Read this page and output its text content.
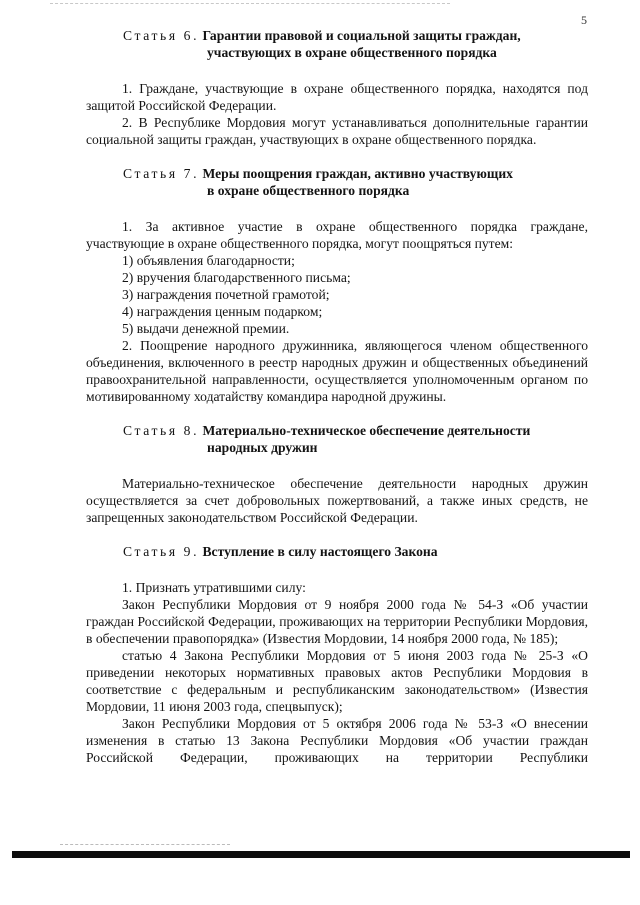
5
Статья 6. Гарантии правовой и социальной защиты граждан,
участвующих в охране общественного порядка

1. Граждане, участвующие в охране общественного порядка, находятся под защитой Российской Федерации.

2. В Республике Мордовия могут устанавливаться дополнительные гарантии социальной защиты граждан, участвующих в охране общественного порядка.

Статья 7. Меры поощрения граждан, активно участвующих
в охране общественного порядка

1. За активное участие в охране общественного порядка граждане, участвующие в охране общественного порядка, могут поощряться путем:

1) объявления благодарности;

2) вручения благодарственного письма;

3) награждения почетной грамотой;

4) награждения ценным подарком;

5) выдачи денежной премии.

2. Поощрение народного дружинника, являющегося членом общественного объединения, включенного в реестр народных дружин и общественных объединений правоохранительной направленности, осуществляется уполномоченным органом по мотивированному ходатайству командира народной дружины.

Статья 8. Материально-техническое обеспечение деятельности
народных дружин

Материально-техническое обеспечение деятельности народных дружин осуществляется за счет добровольных пожертвований, а также иных средств, не запрещенных законодательством Российской Федерации.

Статья 9. Вступление в силу настоящего Закона

1. Признать утратившими силу:

Закон Республики Мордовия от 9 ноября 2000 года № 54-З «Об участии граждан Российской Федерации, проживающих на территории Республики Мордовия, в обеспечении правопорядка» (Известия Мордовии, 14 ноября 2000 года, № 185);

статью 4 Закона Республики Мордовия от 5 июня 2003 года № 25-З «О приведении некоторых нормативных правовых актов Республики Мордовия в соответствие с федеральным и республиканским законодательством» (Известия Мордовии, 11 июня 2003 года, спецвыпуск);

Закон Республики Мордовия от 5 октября 2006 года № 53-З «О внесении изменения в статью 13 Закона Республики Мордовия «Об участии граждан Российской Федерации, проживающих на территории Республики
